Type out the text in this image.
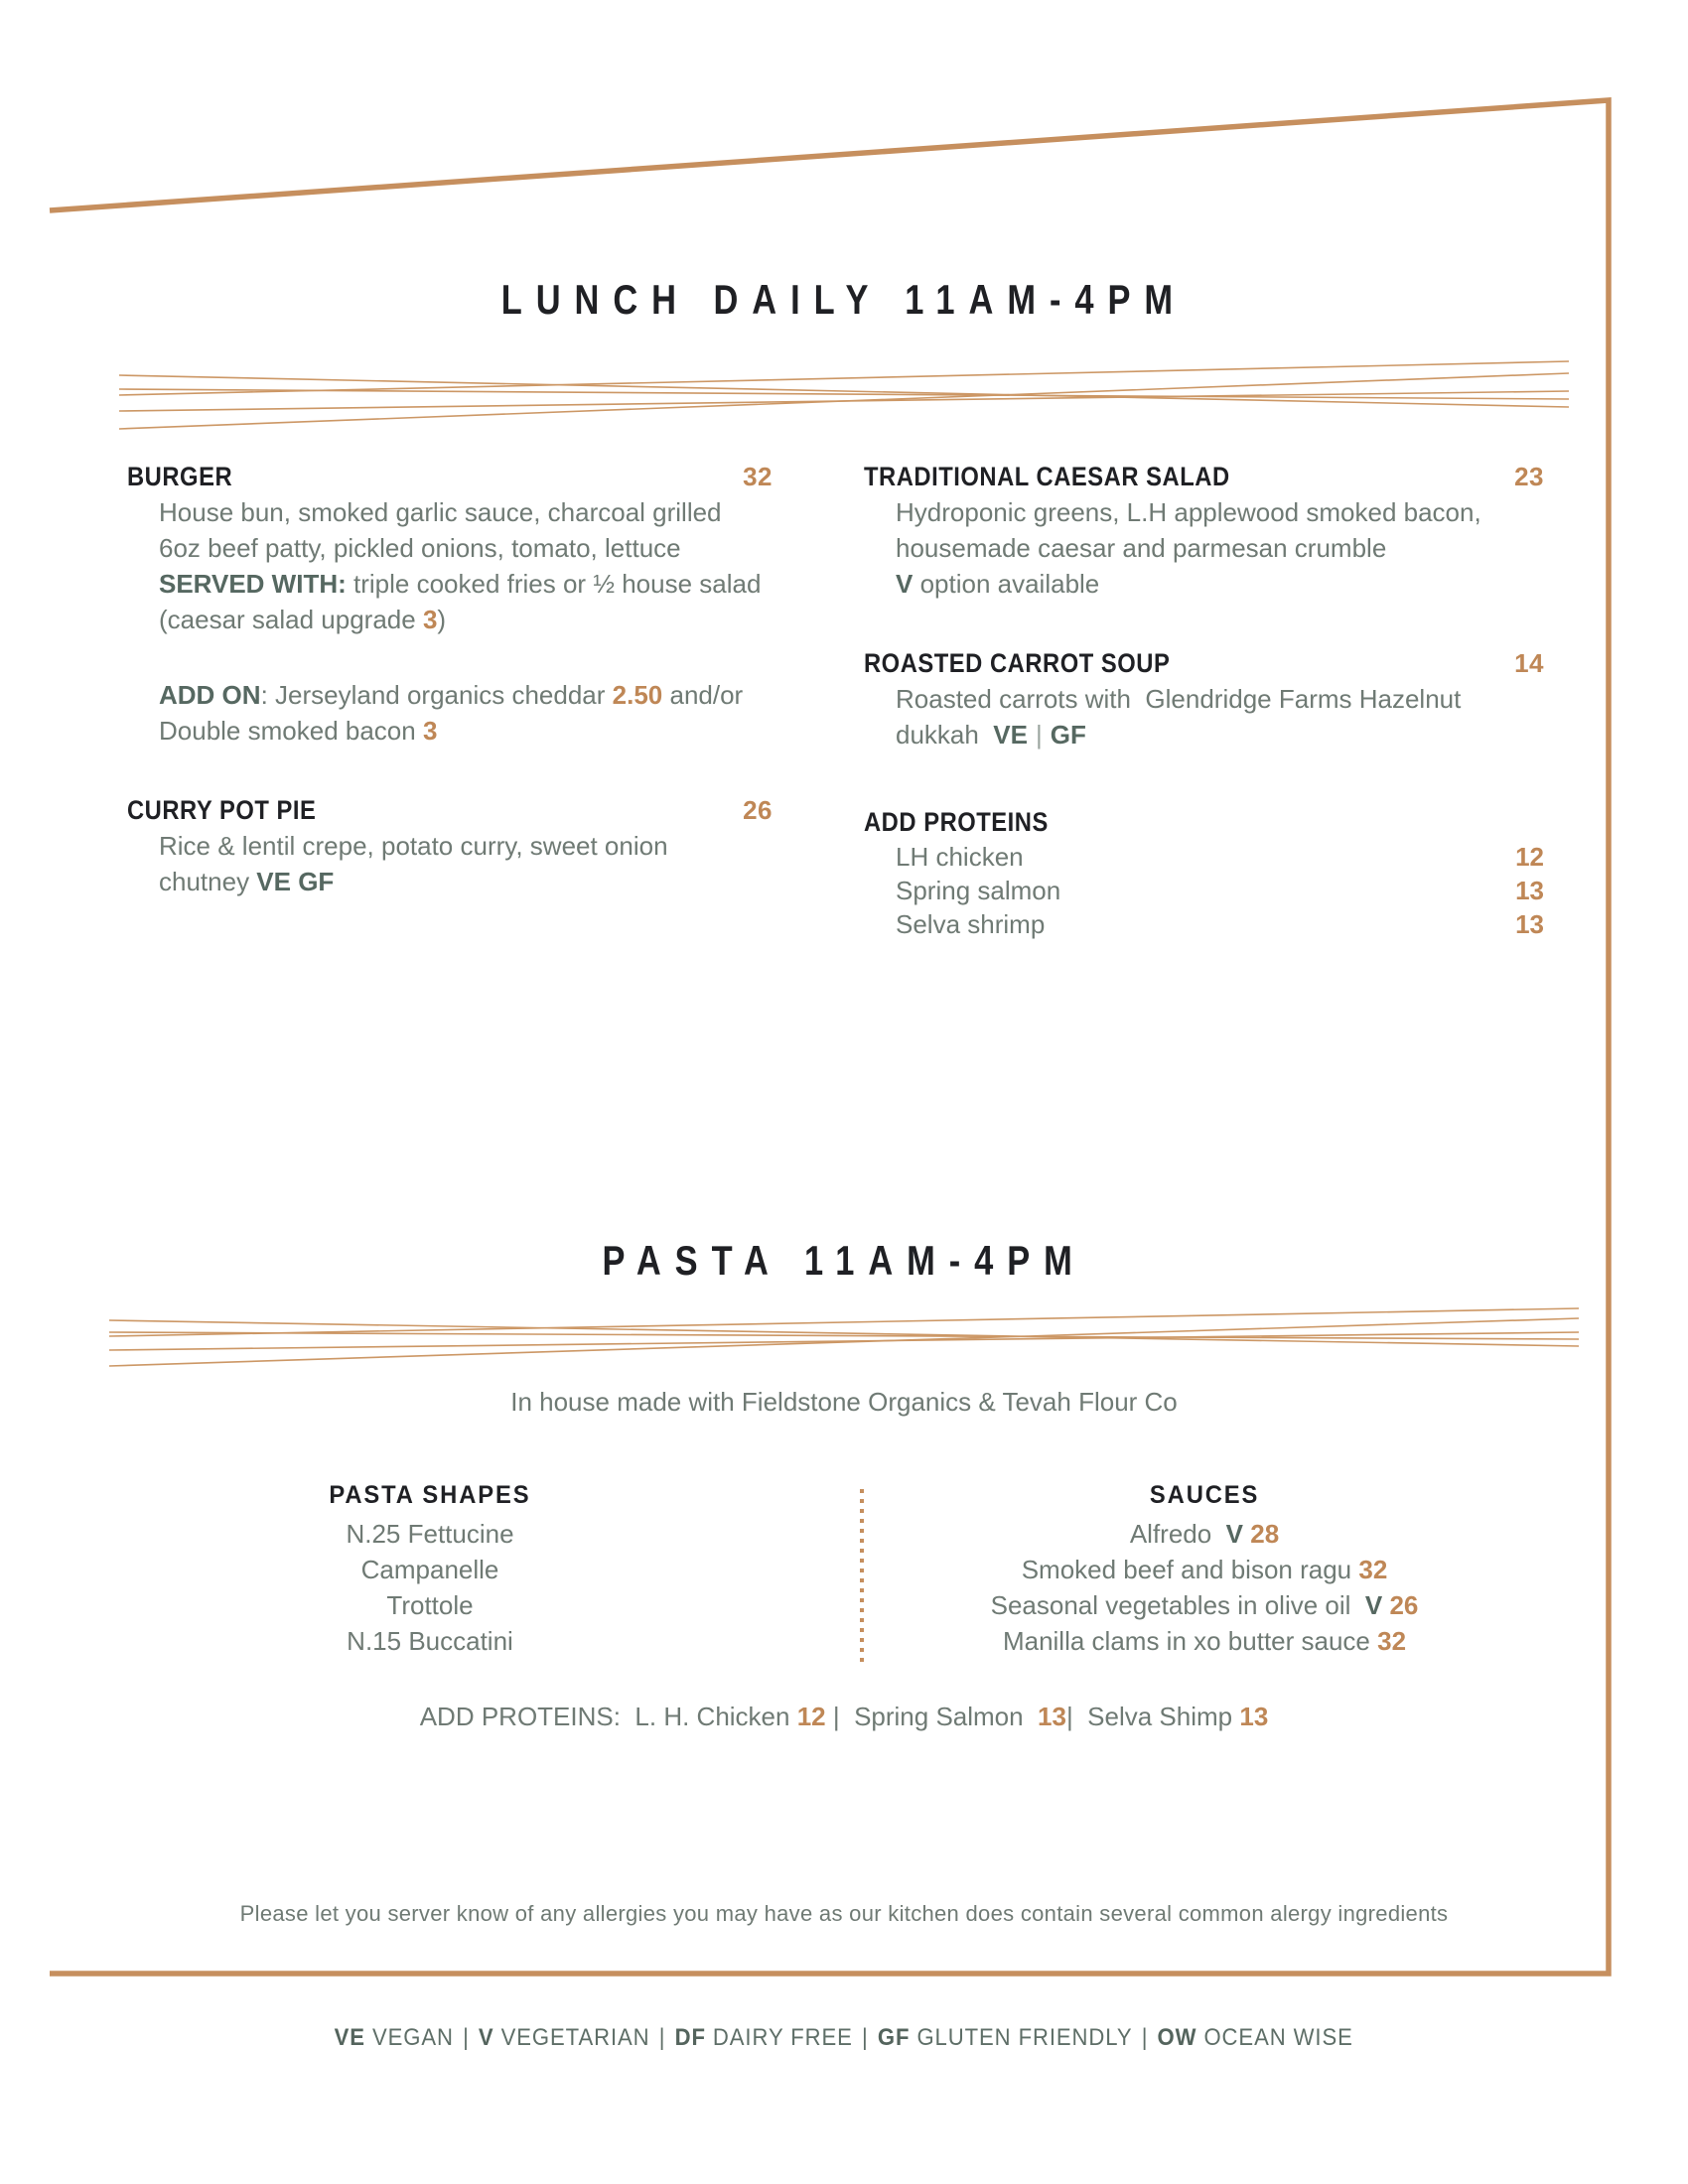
LUNCH DAILY 11AM-4PM
BURGER	32
House bun, smoked garlic sauce, charcoal grilled
6oz beef patty, pickled onions, tomato, lettuce
SERVED WITH: triple cooked fries or ½ house salad
(caesar salad upgrade 3)
ADD ON: Jerseyland organics cheddar 2.50 and/or
Double smoked bacon 3
CURRY POT PIE	26
Rice & lentil crepe, potato curry, sweet onion
chutney VE GF
TRADITIONAL CAESAR SALAD	23
Hydroponic greens, L.H applewood smoked bacon,
housemade caesar and parmesan crumble
V option available
ROASTED CARROT SOUP	14
Roasted carrots with  Glendridge Farms Hazelnut
dukkah  VE | GF
ADD PROTEINS
LH chicken	12
Spring salmon	13
Selva shrimp	13
PASTA 11AM-4PM
In house made with Fieldstone Organics & Tevah Flour Co
PASTA SHAPES
N.25 Fettucine
Campanelle
Trottole
N.15 Buccatini
SAUCES
Alfredo  V 28
Smoked beef and bison ragu 32
Seasonal vegetables in olive oil  V 26
Manilla clams in xo butter sauce 32
ADD PROTEINS:  L. H. Chicken 12 |  Spring Salmon  13|  Selva Shimp 13
Please let you server know of any allergies you may have as our kitchen does contain several common alergy ingredients
VE VEGAN | V VEGETARIAN | DF DAIRY FREE | GF GLUTEN FRIENDLY | OW OCEAN WISE
